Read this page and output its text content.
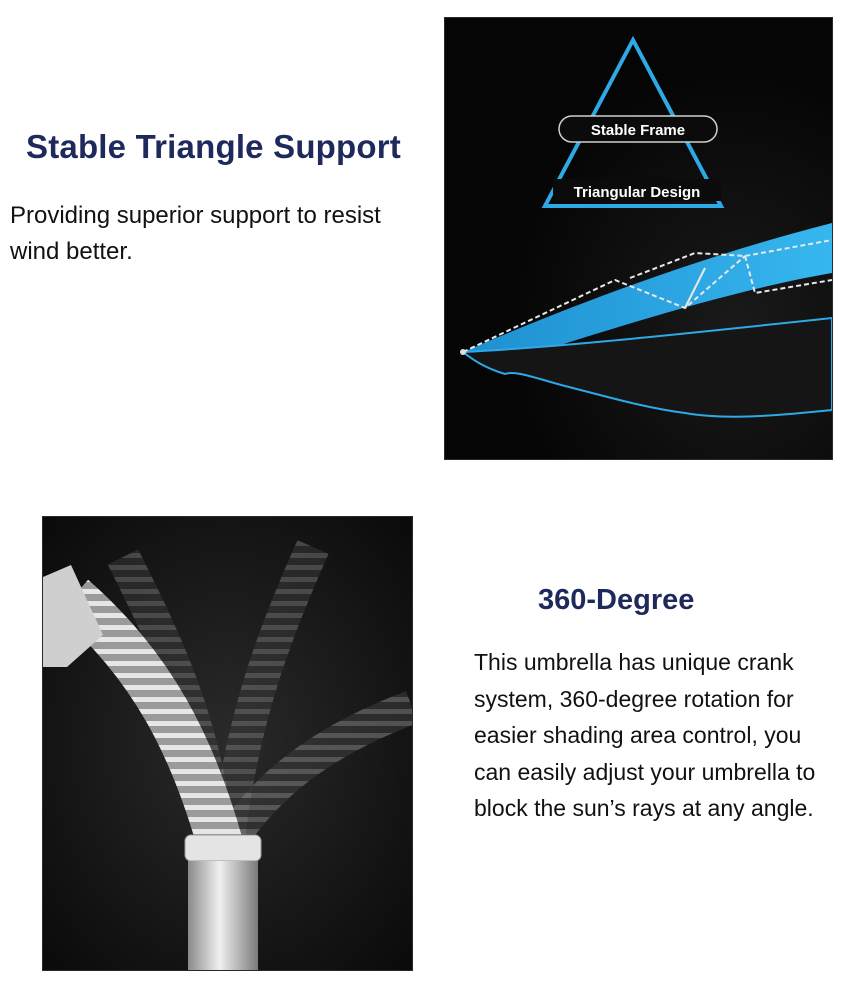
Stable Triangle Support

Providing superior support to resist wind better.

Stable Frame
Triangular Design
360-Degree

This umbrella has unique crank system, 360-degree rotation for easier shading area control, you can easily adjust your umbrella to block the sun’s rays at any angle.
